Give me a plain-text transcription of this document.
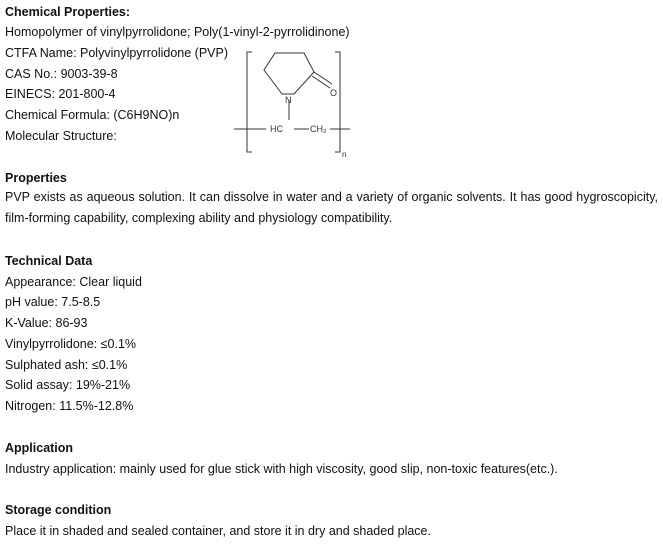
Chemical Properties:
Homopolymer of vinylpyrrolidone; Poly(1-vinyl-2-pyrrolidinone)
CTFA Name: Polyvinylpyrrolidone (PVP)
CAS No.: 9003-39-8
EINECS: 201-800-4
Chemical Formula: (C6H9NO)n
Molecular Structure:
N
O
HC	CH₂
n
Properties
PVP exists as aqueous solution. It can dissolve in water and a variety of organic solvents. It has good hygroscopicity, film-forming capability, complexing ability and physiology compatibility.
Technical Data
Appearance: Clear liquid
pH value: 7.5-8.5
K-Value: 86-93
Vinylpyrrolidone: ≤0.1%
Sulphated ash: ≤0.1%
Solid assay: 19%-21%
Nitrogen: 11.5%-12.8%
Application
Industry application: mainly used for glue stick with high viscosity, good slip, non-toxic features(etc.).
Storage condition
Place it in shaded and sealed container, and store it in dry and shaded place.
